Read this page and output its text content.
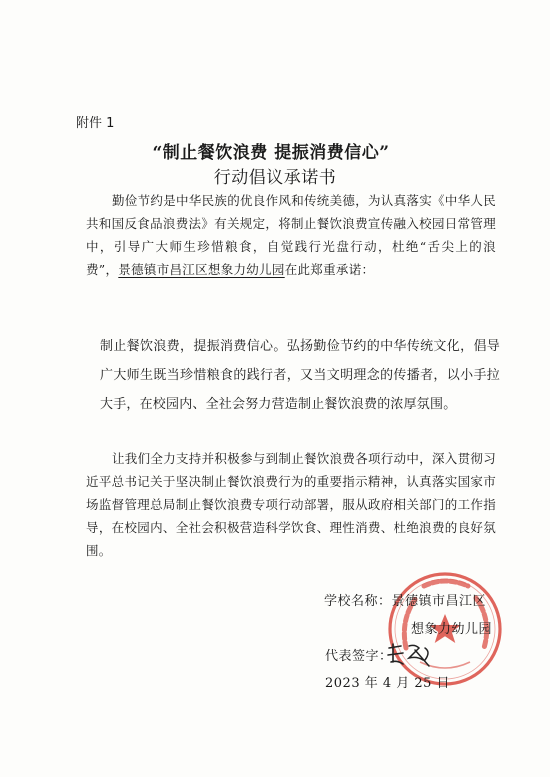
附件 1
“制止餐饮浪费 提振消费信心”
行动倡议承诺书
勤俭节约是中华民族的优良作风和传统美德，为认真落实《中华人民共和国反食品浪费法》有关规定，将制止餐饮浪费宣传融入校园日常管理中，引导广大师生珍惜粮食，自觉践行光盘行动，杜绝“舌尖上的浪费”，景德镇市昌江区想象力幼儿园在此郑重承诺：
制止餐饮浪费，提振消费信心。弘扬勤俭节约的中华传统文化，倡导广大师生既当珍惜粮食的践行者，又当文明理念的传播者，以小手拉大手，在校园内、全社会努力营造制止餐饮浪费的浓厚氛围。
让我们全力支持并积极参与到制止餐饮浪费各项行动中，深入贯彻习近平总书记关于坚决制止餐饮浪费行为的重要指示精神，认真落实国家市场监督管理总局制止餐饮浪费专项行动部署，服从政府相关部门的工作指导，在校园内、全社会积极营造科学饮食、理性消费、杜绝浪费的良好氛围。
学校名称：景德镇市昌江区
想象力幼儿园
代表签字：
2023 年 4 月 25 日
